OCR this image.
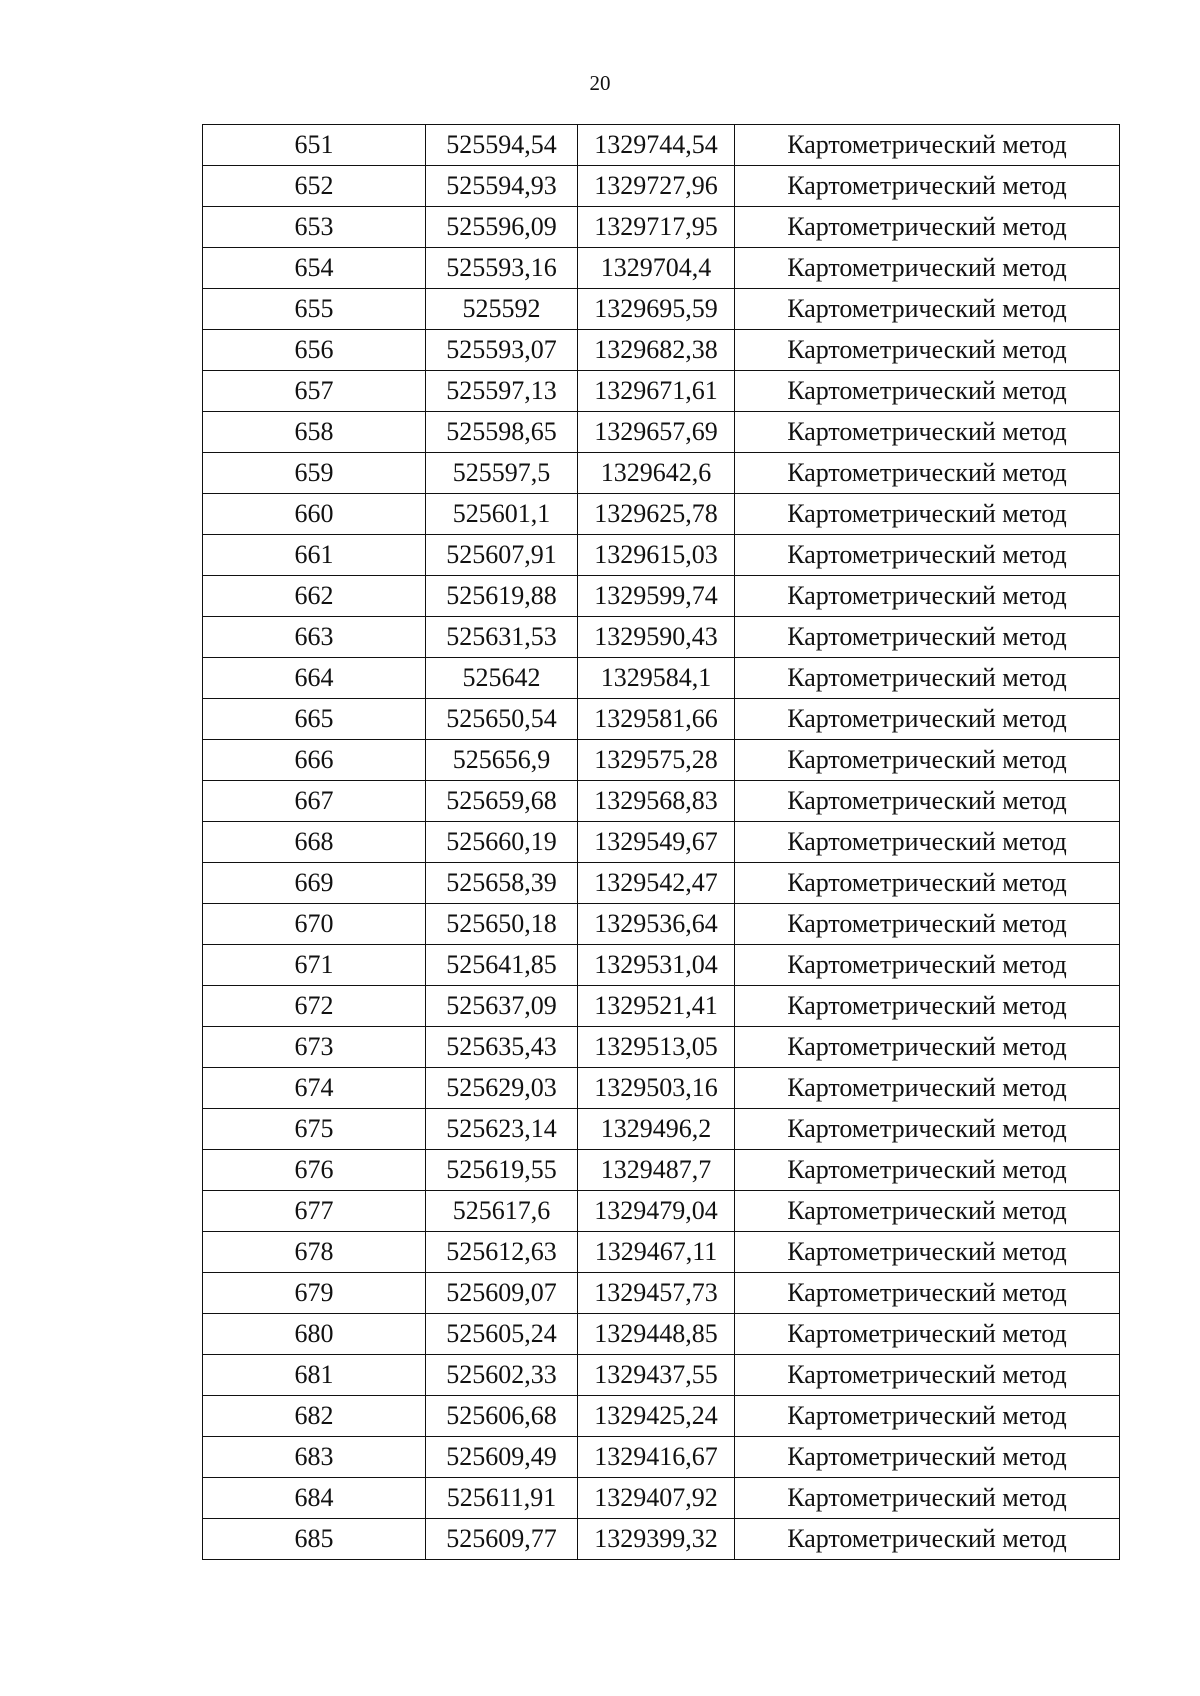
20
651	525594,54	1329744,54	Картометрический метод
652	525594,93	1329727,96	Картометрический метод
653	525596,09	1329717,95	Картометрический метод
654	525593,16	1329704,4	Картометрический метод
655	525592	1329695,59	Картометрический метод
656	525593,07	1329682,38	Картометрический метод
657	525597,13	1329671,61	Картометрический метод
658	525598,65	1329657,69	Картометрический метод
659	525597,5	1329642,6	Картометрический метод
660	525601,1	1329625,78	Картометрический метод
661	525607,91	1329615,03	Картометрический метод
662	525619,88	1329599,74	Картометрический метод
663	525631,53	1329590,43	Картометрический метод
664	525642	1329584,1	Картометрический метод
665	525650,54	1329581,66	Картометрический метод
666	525656,9	1329575,28	Картометрический метод
667	525659,68	1329568,83	Картометрический метод
668	525660,19	1329549,67	Картометрический метод
669	525658,39	1329542,47	Картометрический метод
670	525650,18	1329536,64	Картометрический метод
671	525641,85	1329531,04	Картометрический метод
672	525637,09	1329521,41	Картометрический метод
673	525635,43	1329513,05	Картометрический метод
674	525629,03	1329503,16	Картометрический метод
675	525623,14	1329496,2	Картометрический метод
676	525619,55	1329487,7	Картометрический метод
677	525617,6	1329479,04	Картометрический метод
678	525612,63	1329467,11	Картометрический метод
679	525609,07	1329457,73	Картометрический метод
680	525605,24	1329448,85	Картометрический метод
681	525602,33	1329437,55	Картометрический метод
682	525606,68	1329425,24	Картометрический метод
683	525609,49	1329416,67	Картометрический метод
684	525611,91	1329407,92	Картометрический метод
685	525609,77	1329399,32	Картометрический метод
